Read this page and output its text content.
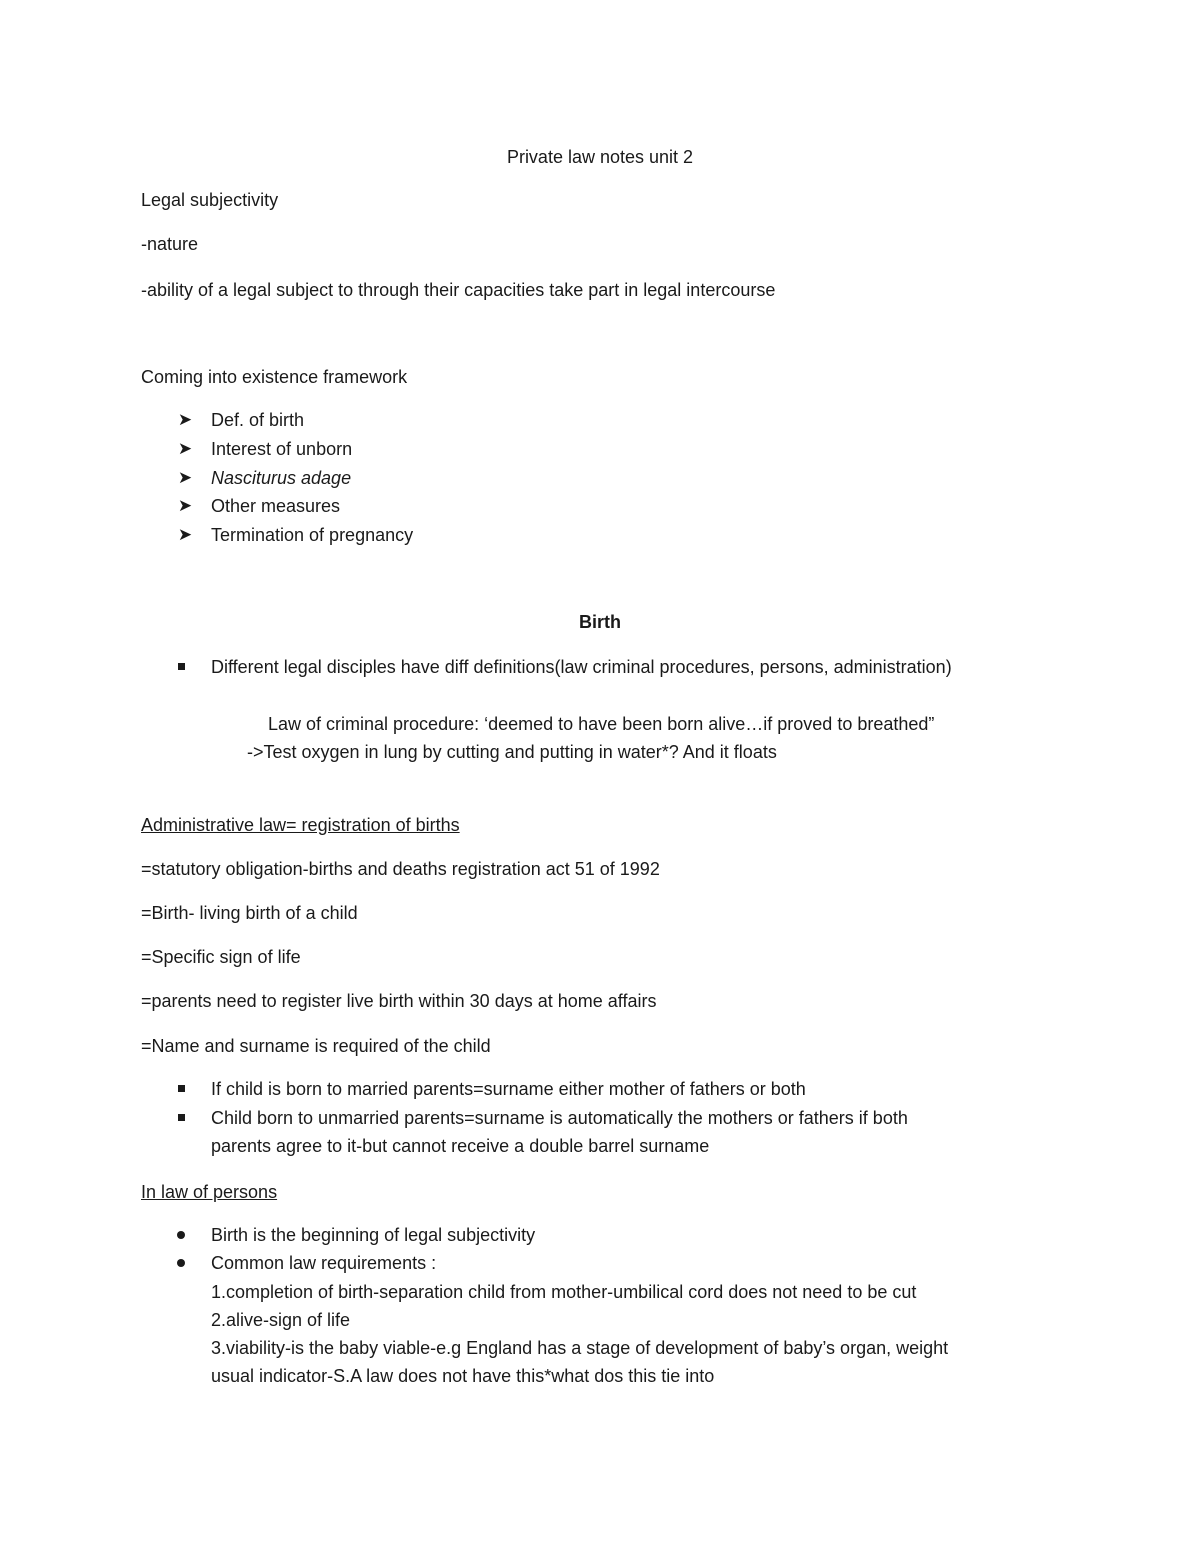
Private law notes unit 2

Legal subjectivity

-nature

-ability of a legal subject to through their capacities take part in legal intercourse

Coming into existence framework

➤ Def. of birth

➤ Interest of unborn

➤ Nasciturus adage

➤ Other measures

➤ Termination of pregnancy

Birth

Different legal disciples have diff definitions(law criminal procedures, persons, administration)

Law of criminal procedure: ‘deemed to have been born alive…if proved to breathed”

->Test oxygen in lung by cutting and putting in water*? And it floats

Administrative law= registration of births

=statutory obligation-births and deaths registration act 51 of 1992

=Birth- living birth of a child

=Specific sign of life

=parents need to register live birth within 30 days at home affairs

=Name and surname is required of the child

If child is born to married parents=surname either mother of fathers or both

Child born to unmarried parents=surname is automatically the mothers or fathers if both

parents agree to it-but cannot receive a double barrel surname

In law of persons

Birth is the beginning of legal subjectivity

Common law requirements :

1.completion of birth-separation child from mother-umbilical cord does not need to be cut

2.alive-sign of life

3.viability-is the baby viable-e.g England has a stage of development of baby’s organ, weight

usual indicator-S.A law does not have this*what dos this tie into
